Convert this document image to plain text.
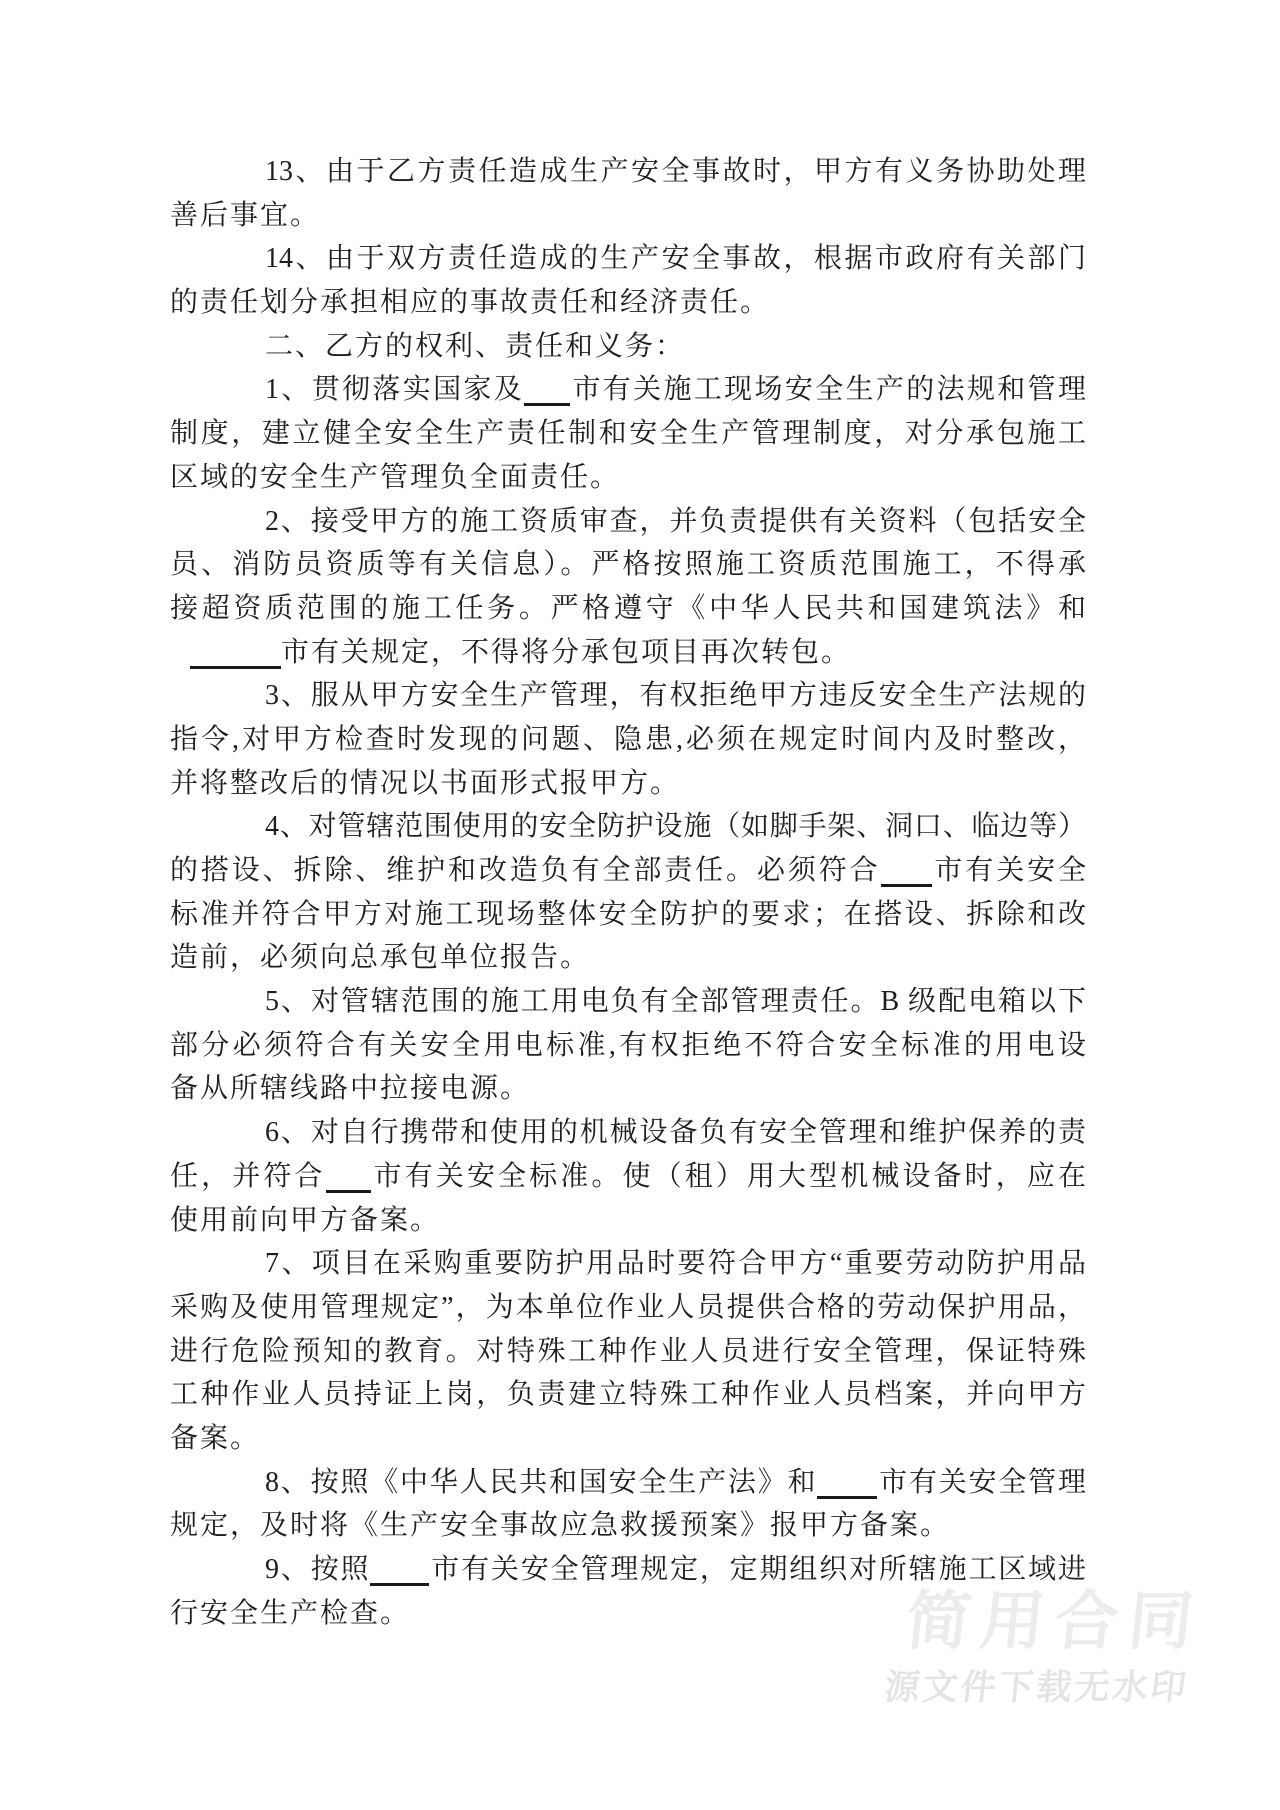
简用合同
源文件下载无水印
13、由于乙方责任造成生产安全事故时，甲方有义务协助处理
善后事宜。
14、由于双方责任造成的生产安全事故，根据市政府有关部门
的责任划分承担相应的事故责任和经济责任。
二、乙方的权利、责任和义务：
1、贯彻落实国家及 市有关施工现场安全生产的法规和管理
制度，建立健全安全生产责任制和安全生产管理制度，对分承包施工
区域的安全生产管理负全面责任。
2、接受甲方的施工资质审查，并负责提供有关资料（包括安全
员、消防员资质等有关信息）。严格按照施工资质范围施工，不得承
接超资质范围的施工任务。严格遵守《中华人民共和国建筑法》和
市有关规定，不得将分承包项目再次转包。
3、服从甲方安全生产管理，有权拒绝甲方违反安全生产法规的
指令,对甲方检查时发现的问题、隐患,必须在规定时间内及时整改，
并将整改后的情况以书面形式报甲方。
4、对管辖范围使用的安全防护设施（如脚手架、洞口、临边等）
的搭设、拆除、维护和改造负有全部责任。必须符合 市有关安全
标准并符合甲方对施工现场整体安全防护的要求；在搭设、拆除和改
造前，必须向总承包单位报告。
5、对管辖范围的施工用电负有全部管理责任。B 级配电箱以下
部分必须符合有关安全用电标准,有权拒绝不符合安全标准的用电设
备从所辖线路中拉接电源。
6、对自行携带和使用的机械设备负有安全管理和维护保养的责
任，并符合 市有关安全标准。使（租）用大型机械设备时，应在
使用前向甲方备案。
7、项目在采购重要防护用品时要符合甲方“重要劳动防护用品
采购及使用管理规定”，为本单位作业人员提供合格的劳动保护用品，
进行危险预知的教育。对特殊工种作业人员进行安全管理，保证特殊
工种作业人员持证上岗，负责建立特殊工种作业人员档案，并向甲方
备案。
8、按照《中华人民共和国安全生产法》和 市有关安全管理
规定，及时将《生产安全事故应急救援预案》报甲方备案。
9、按照 市有关安全管理规定，定期组织对所辖施工区域进
行安全生产检查。
